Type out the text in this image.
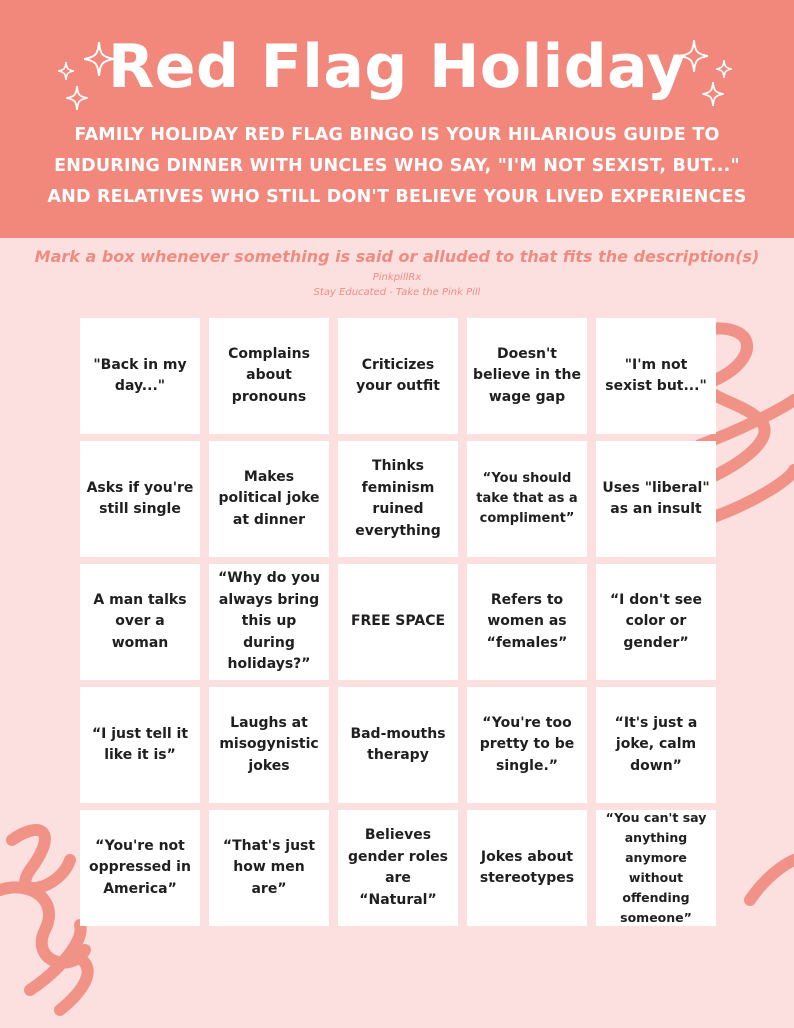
Red Flag Holiday

FAMILY HOLIDAY RED FLAG BINGO IS YOUR HILARIOUS GUIDE TO ENDURING DINNER WITH UNCLES WHO SAY, "I'M NOT SEXIST, BUT..." AND RELATIVES WHO STILL DON'T BELIEVE YOUR LIVED EXPERIENCES

Mark a box whenever something is said or alluded to that fits the description(s)

PinkpillRx

Stay Educated - Take the Pink Pill

"Back in my day..."
Complains about pronouns
Criticizes your outfit
Doesn't believe in the wage gap
"I'm not sexist but..."
Asks if you're still single
Makes political joke at dinner
Thinks feminism ruined everything
“You should take that as a compliment”
Uses "liberal" as an insult
A man talks over a woman
“Why do you always bring this up during holidays?”
FREE SPACE
Refers to women as “females”
“I don't see color or gender”
“I just tell it like it is”
Laughs at misogynistic jokes
Bad-mouths therapy
“You're too pretty to be single.”
“It's just a joke, calm down”
“You're not oppressed in America”
“That's just how men are”
Believes gender roles are “Natural”
Jokes about stereotypes
“You can't say anything anymore without offending someone”
